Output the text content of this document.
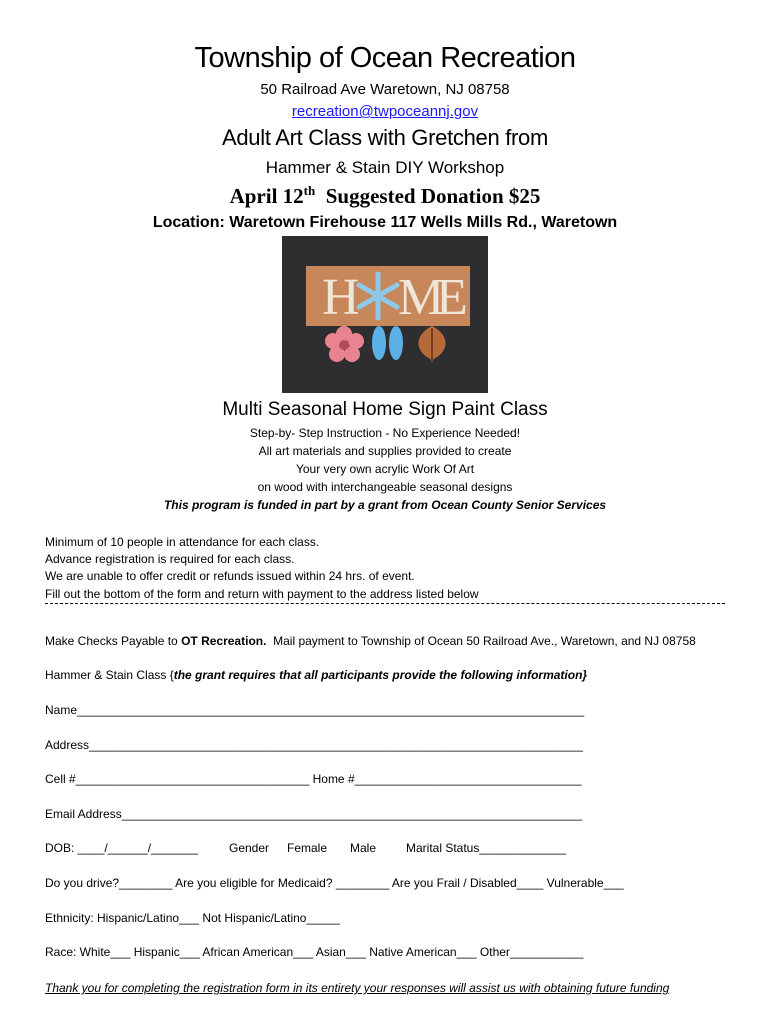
Township of Ocean Recreation
50 Railroad Ave Waretown, NJ 08758
recreation@twpoceannj.gov
Adult Art Class with Gretchen from
Hammer & Stain DIY Workshop
April 12th  Suggested Donation $25
Location: Waretown Firehouse 117 Wells Mills Rd., Waretown
H M
E
Multi Seasonal Home Sign Paint Class
Step-by- Step Instruction - No Experience Needed!
All art materials and supplies provided to create
Your very own acrylic Work Of Art
on wood with interchangeable seasonal designs
This program is funded in part by a grant from Ocean County Senior Services
Minimum of 10 people in attendance for each class.
Advance registration is required for each class.
We are unable to offer credit or refunds issued within 24 hrs. of event.
Fill out the bottom of the form and return with payment to the address listed below
Make Checks Payable to OT Recreation.  Mail payment to Township of Ocean 50 Railroad Ave., Waretown, and NJ 08758
Hammer & Stain Class {the grant requires that all participants provide the following information}
Name____________________________________________________________________________
Address__________________________________________________________________________
Cell #___________________________________ Home #__________________________________
Email Address_____________________________________________________________________
DOB: ____/______/_______	Gender Female Male Marital Status_____________
Do you drive?________ Are you eligible for Medicaid? ________ Are you Frail / Disabled____ Vulnerable___
Ethnicity: Hispanic/Latino___ Not Hispanic/Latino_____
Race: White___ Hispanic___ African American___ Asian___ Native American___ Other___________
Thank you for completing the registration form in its entirety your responses will assist us with obtaining future funding
